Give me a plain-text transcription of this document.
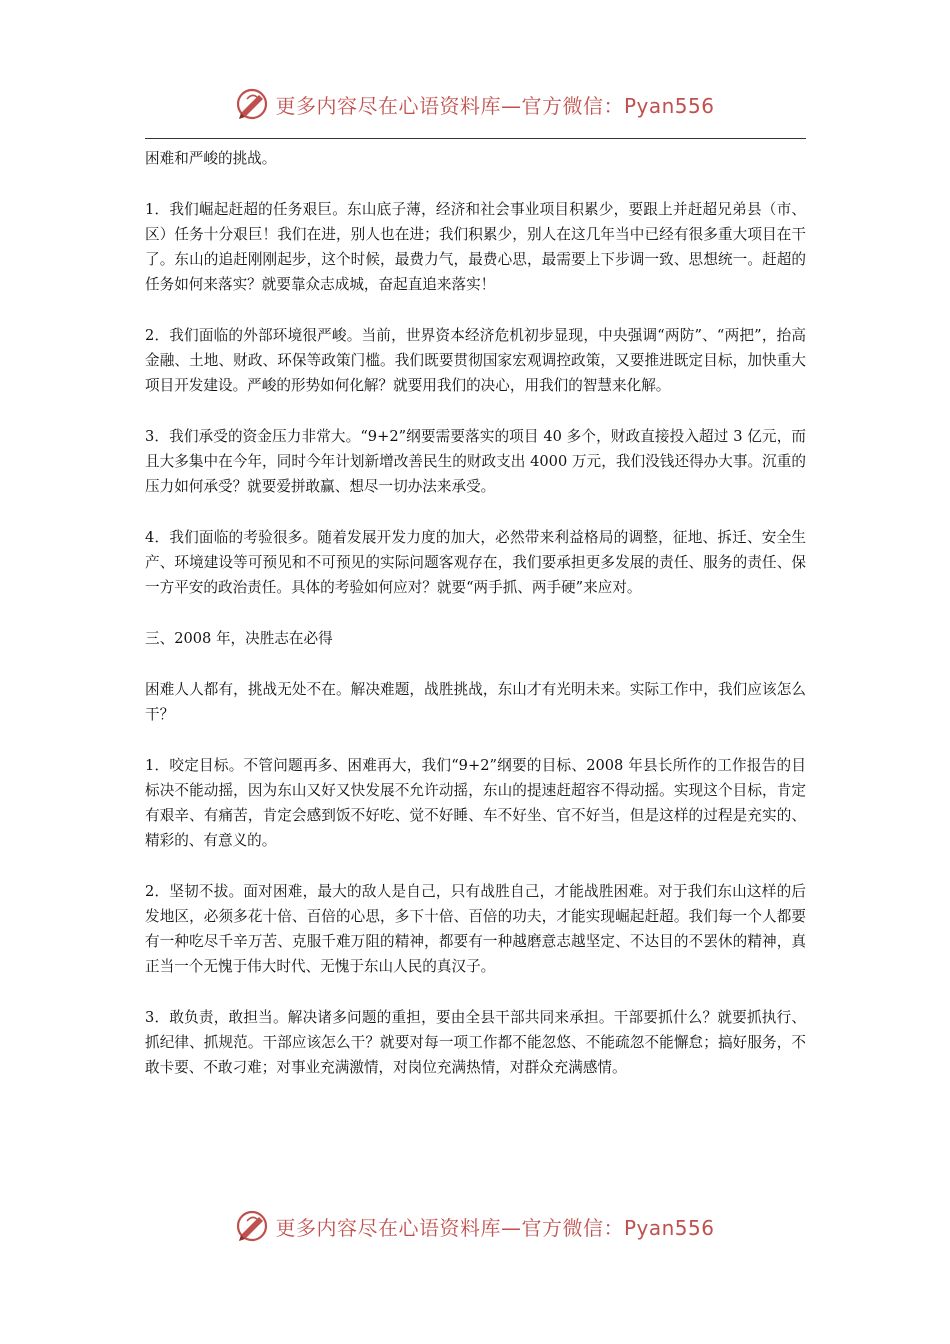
更多内容尽在心语资料库—官方微信：Pyan556

困难和严峻的挑战。

1．我们崛起赶超的任务艰巨。东山底子薄，经济和社会事业项目积累少，要跟上并赶超兄弟县（市、区）任务十分艰巨！我们在进，别人也在进；我们积累少，别人在这几年当中已经有很多重大项目在干了。东山的追赶刚刚起步，这个时候，最费力气，最费心思，最需要上下步调一致、思想统一。赶超的任务如何来落实？就要靠众志成城，奋起直追来落实！

2．我们面临的外部环境很严峻。当前，世界资本经济危机初步显现，中央强调“两防”、“两把”，抬高金融、土地、财政、环保等政策门槛。我们既要贯彻国家宏观调控政策，又要推进既定目标，加快重大项目开发建设。严峻的形势如何化解？就要用我们的决心，用我们的智慧来化解。

3．我们承受的资金压力非常大。“9+2”纲要需要落实的项目 40 多个，财政直接投入超过 3 亿元，而且大多集中在今年，同时今年计划新增改善民生的财政支出 4000 万元，我们没钱还得办大事。沉重的压力如何承受？就要爱拼敢赢、想尽一切办法来承受。

4．我们面临的考验很多。随着发展开发力度的加大，必然带来利益格局的调整，征地、拆迁、安全生产、环境建设等可预见和不可预见的实际问题客观存在，我们要承担更多发展的责任、服务的责任、保一方平安的政治责任。具体的考验如何应对？就要“两手抓、两手硬”来应对。

三、2008 年，决胜志在必得

困难人人都有，挑战无处不在。解决难题，战胜挑战，东山才有光明未来。实际工作中，我们应该怎么干？

1．咬定目标。不管问题再多、困难再大，我们“9+2”纲要的目标、2008 年县长所作的工作报告的目标决不能动摇，因为东山又好又快发展不允许动摇，东山的提速赶超容不得动摇。实现这个目标，肯定有艰辛、有痛苦，肯定会感到饭不好吃、觉不好睡、车不好坐、官不好当，但是这样的过程是充实的、精彩的、有意义的。

2．坚韧不拔。面对困难，最大的敌人是自己，只有战胜自己，才能战胜困难。对于我们东山这样的后发地区，必须多花十倍、百倍的心思，多下十倍、百倍的功夫，才能实现崛起赶超。我们每一个人都要有一种吃尽千辛万苦、克服千难万阻的精神，都要有一种越磨意志越坚定、不达目的不罢休的精神，真正当一个无愧于伟大时代、无愧于东山人民的真汉子。

3．敢负责，敢担当。解决诸多问题的重担，要由全县干部共同来承担。干部要抓什么？就要抓执行、抓纪律、抓规范。干部应该怎么干？就要对每一项工作都不能忽悠、不能疏忽不能懈怠；搞好服务，不敢卡要、不敢刁难；对事业充满激情，对岗位充满热情，对群众充满感情。

更多内容尽在心语资料库—官方微信：Pyan556
